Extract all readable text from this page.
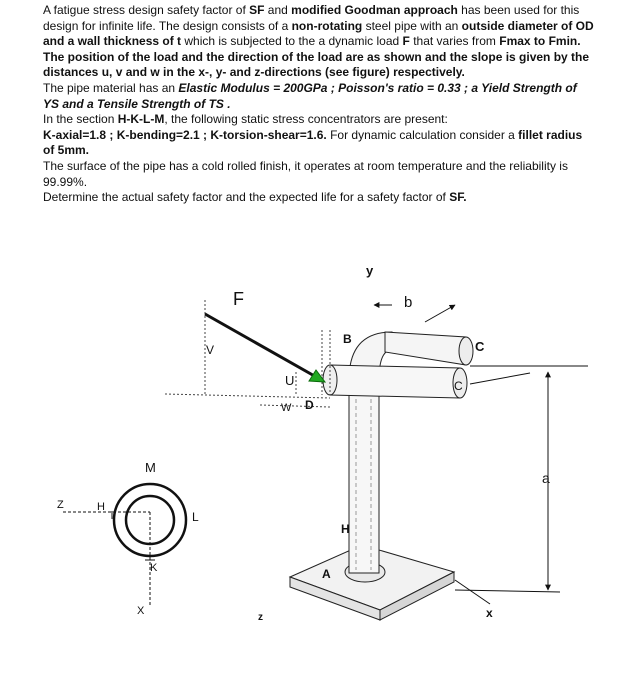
A fatigue stress design safety factor of SF and modified Goodman approach has been used for this design for infinite life. The design consists of a non-rotating steel pipe with an outside diameter of OD and a wall thickness of t which is subjected to the a dynamic load F that varies from Fmax to Fmin.

The position of the load and the direction of the load are as shown and the slope is given by the distances u, v and w in the x-, y- and z-directions (see figure) respectively.

The pipe material has an Elastic Modulus = 200GPa ; Poisson's ratio = 0.33 ; a Yield Strength of YS and a Tensile Strength of TS .

In the section H-K-L-M, the following static stress concentrators are present:

K-axial=1.8 ; K-bending=2.1 ; K-torsion-shear=1.6. For dynamic calculation consider a fillet radius of 5mm.

The surface of the pipe has a cold rolled finish, it operates at room temperature and the reliability is 99.99%.

Determine the actual safety factor and the expected life for a safety factor of SF.

y
F	b
V
B	C
U	C
W D
a
H
A
x
z
M
Z	H
L
K
X
